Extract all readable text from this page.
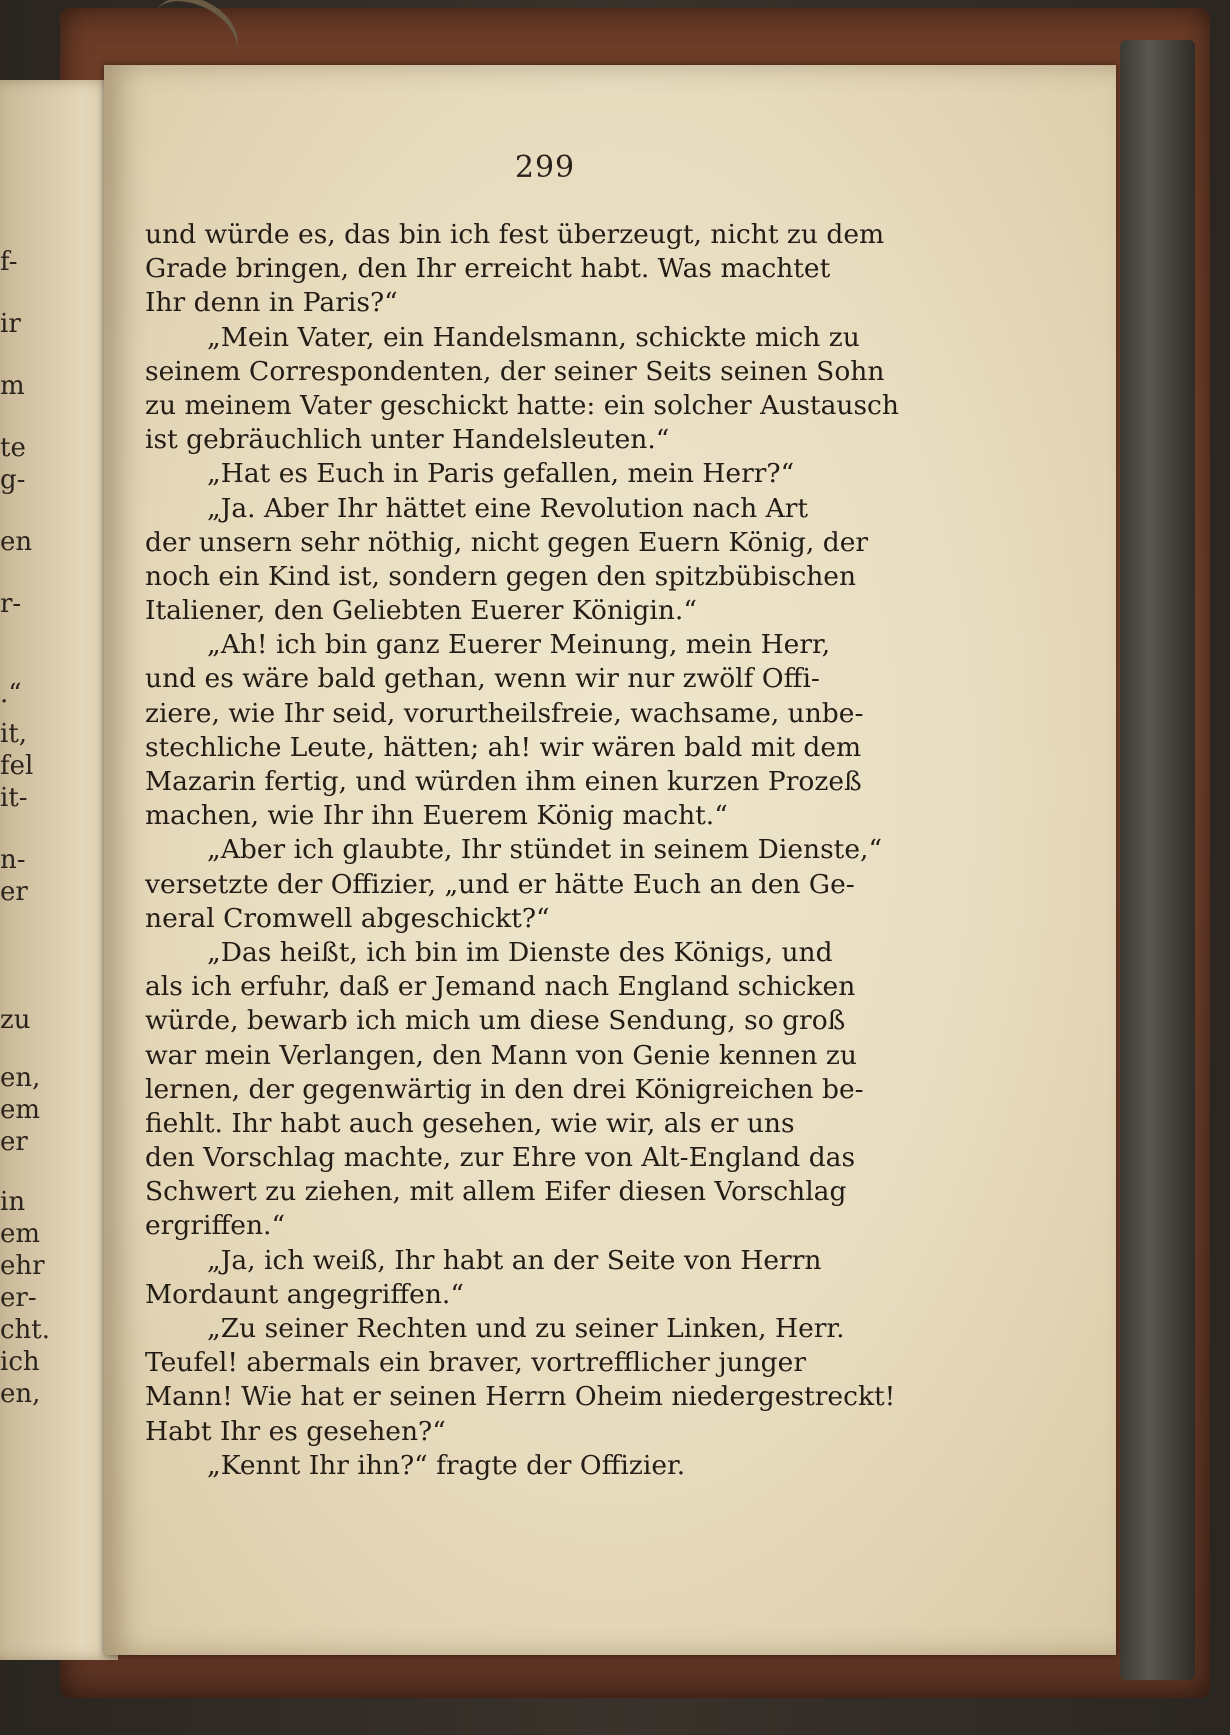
f-
ir
m
te
g-
en
r-
.“
it,
fel
it-
n-
er
zu
en,
em
er
in
em
ehr
er-
cht.
ich
en,
299
und würde es, das bin ich fest überzeugt, nicht zu dem
Grade bringen, den Ihr erreicht habt. Was machtet
Ihr denn in Paris?“
„Mein Vater, ein Handelsmann, schickte mich zu
seinem Correspondenten, der seiner Seits seinen Sohn
zu meinem Vater geschickt hatte: ein solcher Austausch
ist gebräuchlich unter Handelsleuten.“
„Hat es Euch in Paris gefallen, mein Herr?“
„Ja. Aber Ihr hättet eine Revolution nach Art
der unsern sehr nöthig, nicht gegen Euern König, der
noch ein Kind ist, sondern gegen den spitzbübischen
Italiener, den Geliebten Euerer Königin.“
„Ah! ich bin ganz Euerer Meinung, mein Herr,
und es wäre bald gethan, wenn wir nur zwölf Offi-
ziere, wie Ihr seid, vorurtheilsfreie, wachsame, unbe-
stechliche Leute, hätten; ah! wir wären bald mit dem
Mazarin fertig, und würden ihm einen kurzen Prozeß
machen, wie Ihr ihn Euerem König macht.“
„Aber ich glaubte, Ihr stündet in seinem Dienste,“
versetzte der Offizier, „und er hätte Euch an den Ge-
neral Cromwell abgeschickt?“
„Das heißt, ich bin im Dienste des Königs, und
als ich erfuhr, daß er Jemand nach England schicken
würde, bewarb ich mich um diese Sendung, so groß
war mein Verlangen, den Mann von Genie kennen zu
lernen, der gegenwärtig in den drei Königreichen be-
fiehlt. Ihr habt auch gesehen, wie wir, als er uns
den Vorschlag machte, zur Ehre von Alt-England das
Schwert zu ziehen, mit allem Eifer diesen Vorschlag
ergriffen.“
„Ja, ich weiß, Ihr habt an der Seite von Herrn
Mordaunt angegriffen.“
„Zu seiner Rechten und zu seiner Linken, Herr.
Teufel! abermals ein braver, vortrefflicher junger
Mann! Wie hat er seinen Herrn Oheim niedergestreckt!
Habt Ihr es gesehen?“
„Kennt Ihr ihn?“ fragte der Offizier.
